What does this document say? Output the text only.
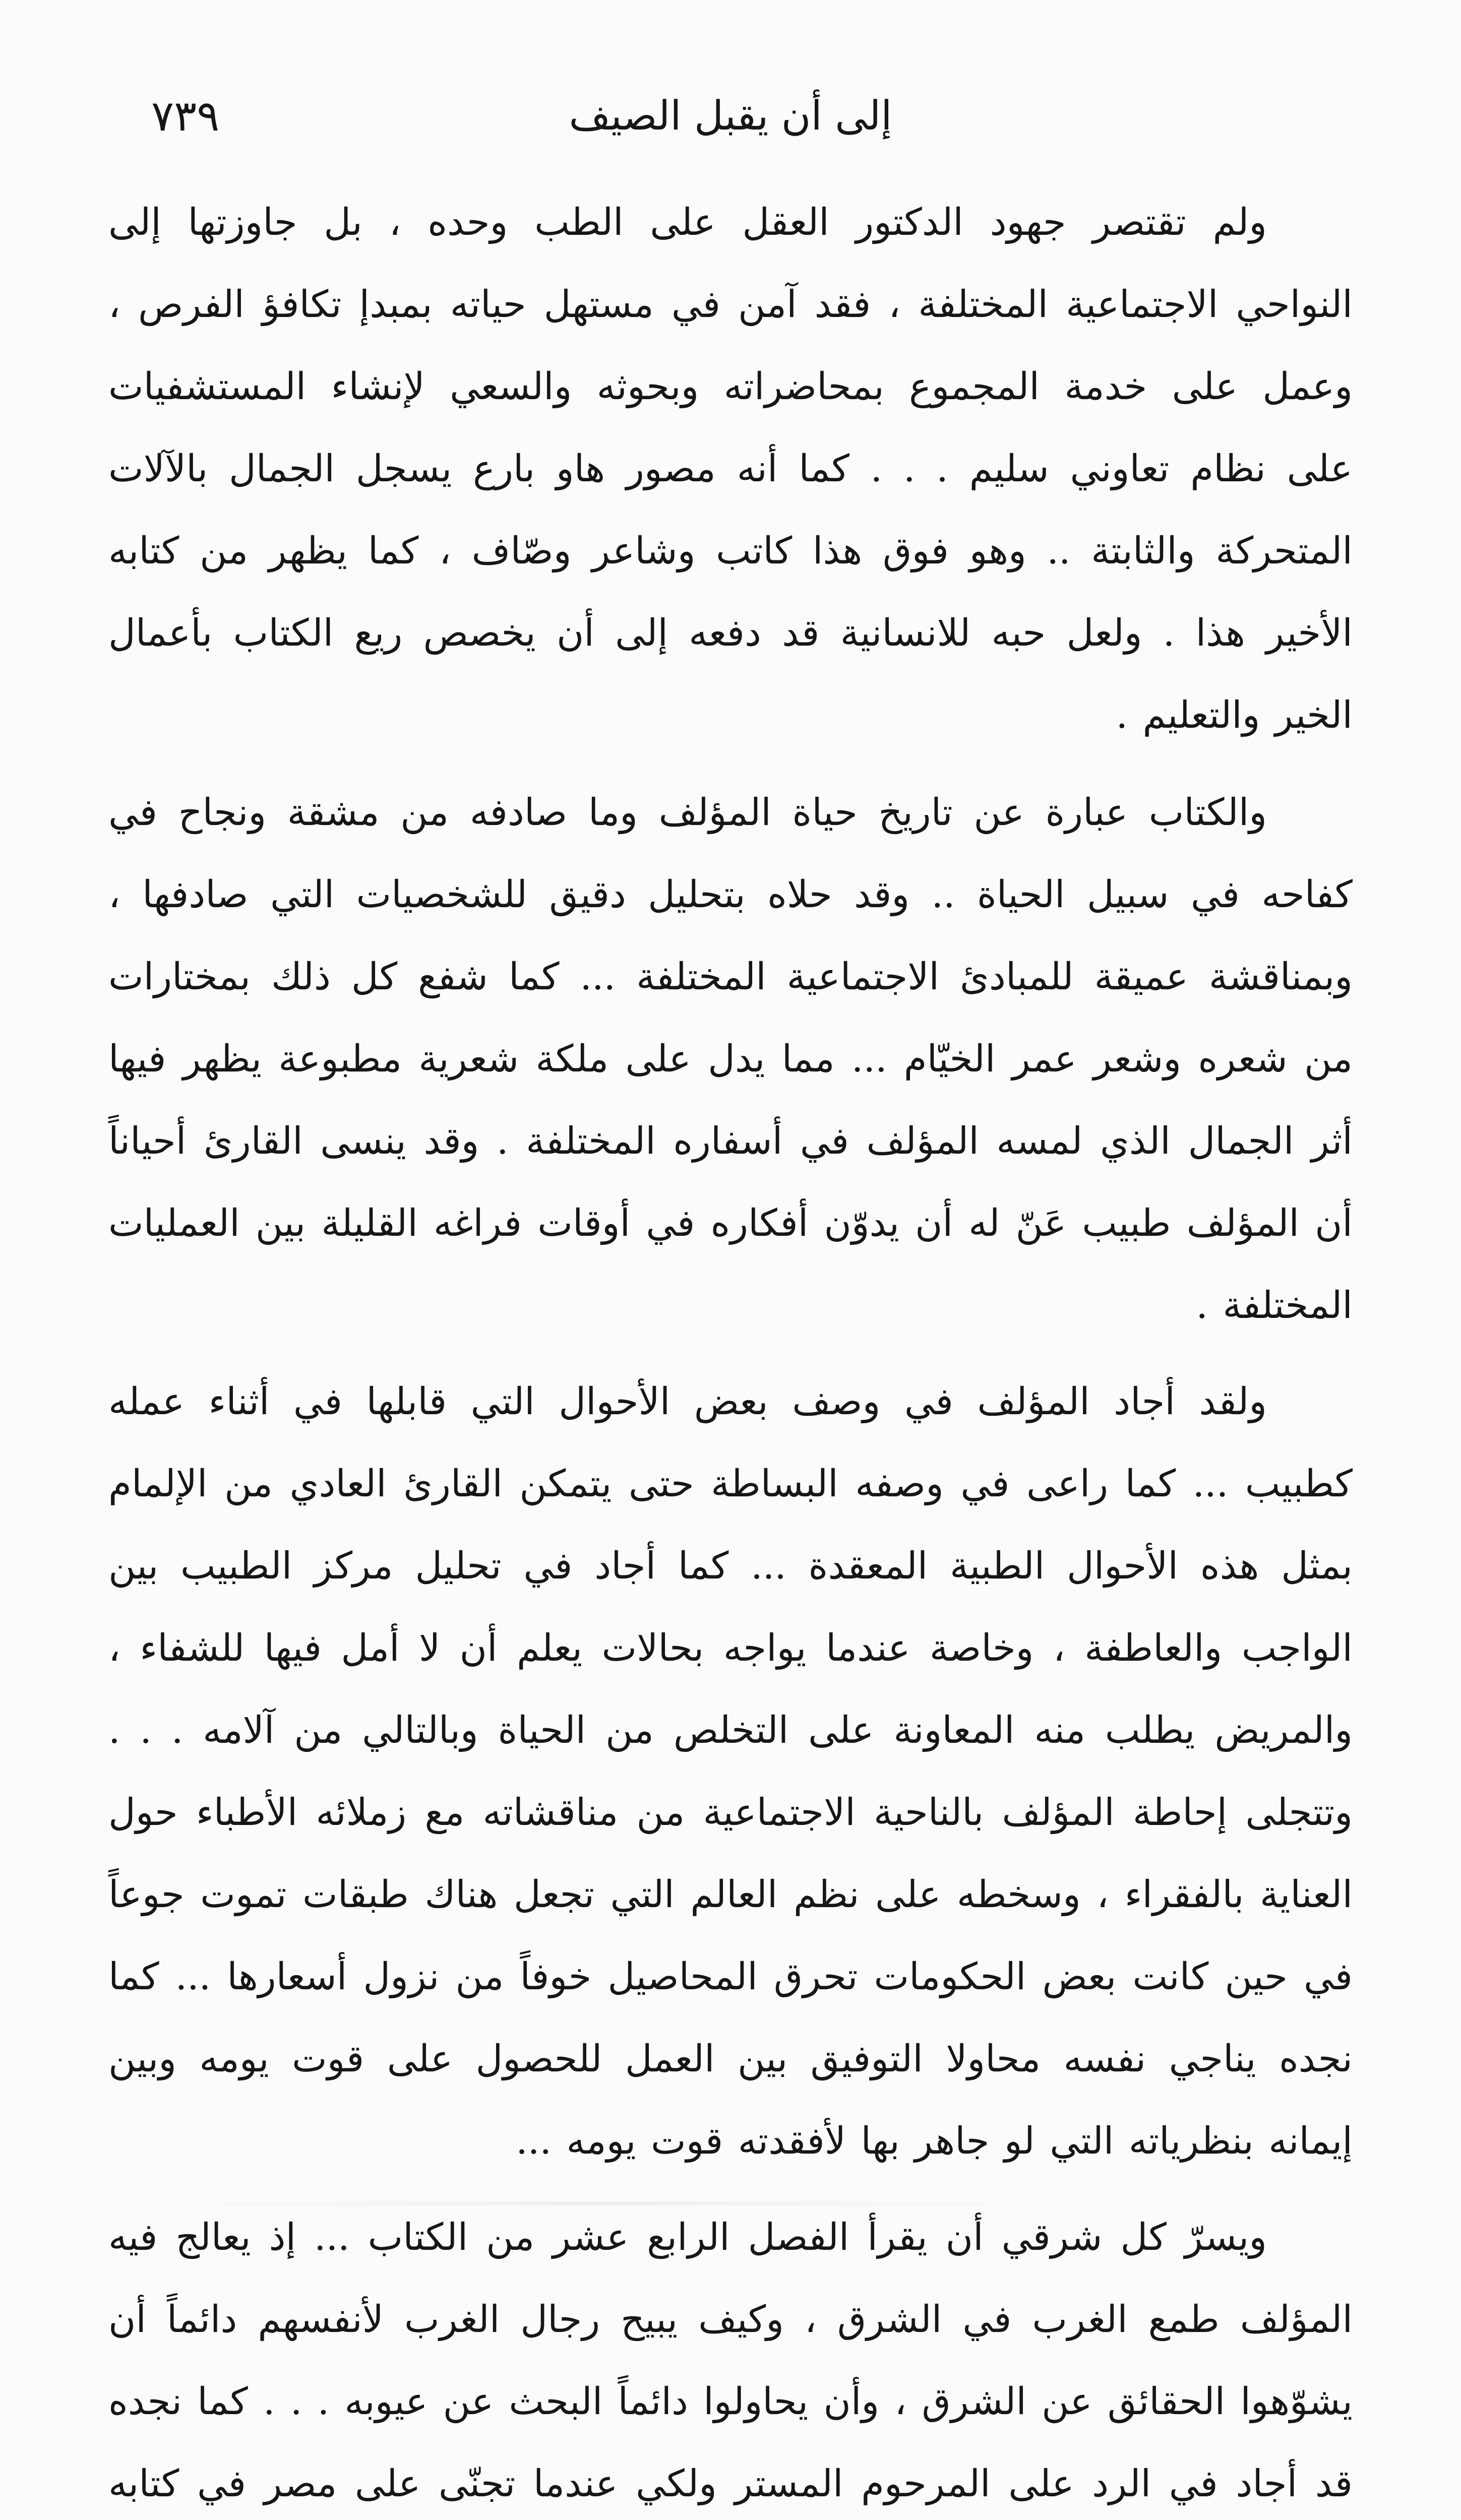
٧٣٩	إلى أن يقبل الصيف

ولم تقتصر جهود الدكتور العقل على الطب وحده ، بل جاوزتها إلى النواحي الاجتماعية المختلفة ، فقد آمن في مستهل حياته بمبدإ تكافؤ الفرص ، وعمل على خدمة المجموع بمحاضراته وبحوثه والسعي لإنشاء المستشفيات على نظام تعاوني سليم . . . كما أنه مصور هاو بارع يسجل الجمال بالآلات المتحركة والثابتة .. وهو فوق هذا كاتب وشاعر وصّاف ، كما يظهر من كتابه الأخير هذا . ولعل حبه للانسانية قد دفعه إلى أن يخصص ريع الكتاب بأعمال الخير والتعليم .

والكتاب عبارة عن تاريخ حياة المؤلف وما صادفه من مشقة ونجاح في كفاحه في سبيل الحياة .. وقد حلاه بتحليل دقيق للشخصيات التي صادفها ، وبمناقشة عميقة للمبادئ الاجتماعية المختلفة ... كما شفع كل ذلك بمختارات من شعره وشعر عمر الخيّام ... مما يدل على ملكة شعرية مطبوعة يظهر فيها أثر الجمال الذي لمسه المؤلف في أسفاره المختلفة . وقد ينسى القارئ أحياناً أن المؤلف طبيب عَنّ له أن يدوّن أفكاره في أوقات فراغه القليلة بين العمليات المختلفة .

ولقد أجاد المؤلف في وصف بعض الأحوال التي قابلها في أثناء عمله كطبيب ... كما راعى في وصفه البساطة حتى يتمكن القارئ العادي من الإلمام بمثل هذه الأحوال الطبية المعقدة ... كما أجاد في تحليل مركز الطبيب بين الواجب والعاطفة ، وخاصة عندما يواجه بحالات يعلم أن لا أمل فيها للشفاء ، والمريض يطلب منه المعاونة على التخلص من الحياة وبالتالي من آلامه . . . وتتجلى إحاطة المؤلف بالناحية الاجتماعية من مناقشاته مع زملائه الأطباء حول العناية بالفقراء ، وسخطه على نظم العالم التي تجعل هناك طبقات تموت جوعاً في حين كانت بعض الحكومات تحرق المحاصيل خوفاً من نزول أسعارها ... كما نجده يناجي نفسه محاولا التوفيق بين العمل للحصول على قوت يومه وبين إيمانه بنظرياته التي لو جاهر بها لأفقدته قوت يومه ...

ويسرّ كل شرقي أن يقرأ الفصل الرابع عشر من الكتاب ... إذ يعالج فيه المؤلف طمع الغرب في الشرق ، وكيف يبيح رجال الغرب لأنفسهم دائماً أن يشوّهوا الحقائق عن الشرق ، وأن يحاولوا دائماً البحث عن عيوبه . . . كما نجده قد أجاد في الرد على المرحوم المستر ولكي عندما تجنّى على مصر في كتابه
